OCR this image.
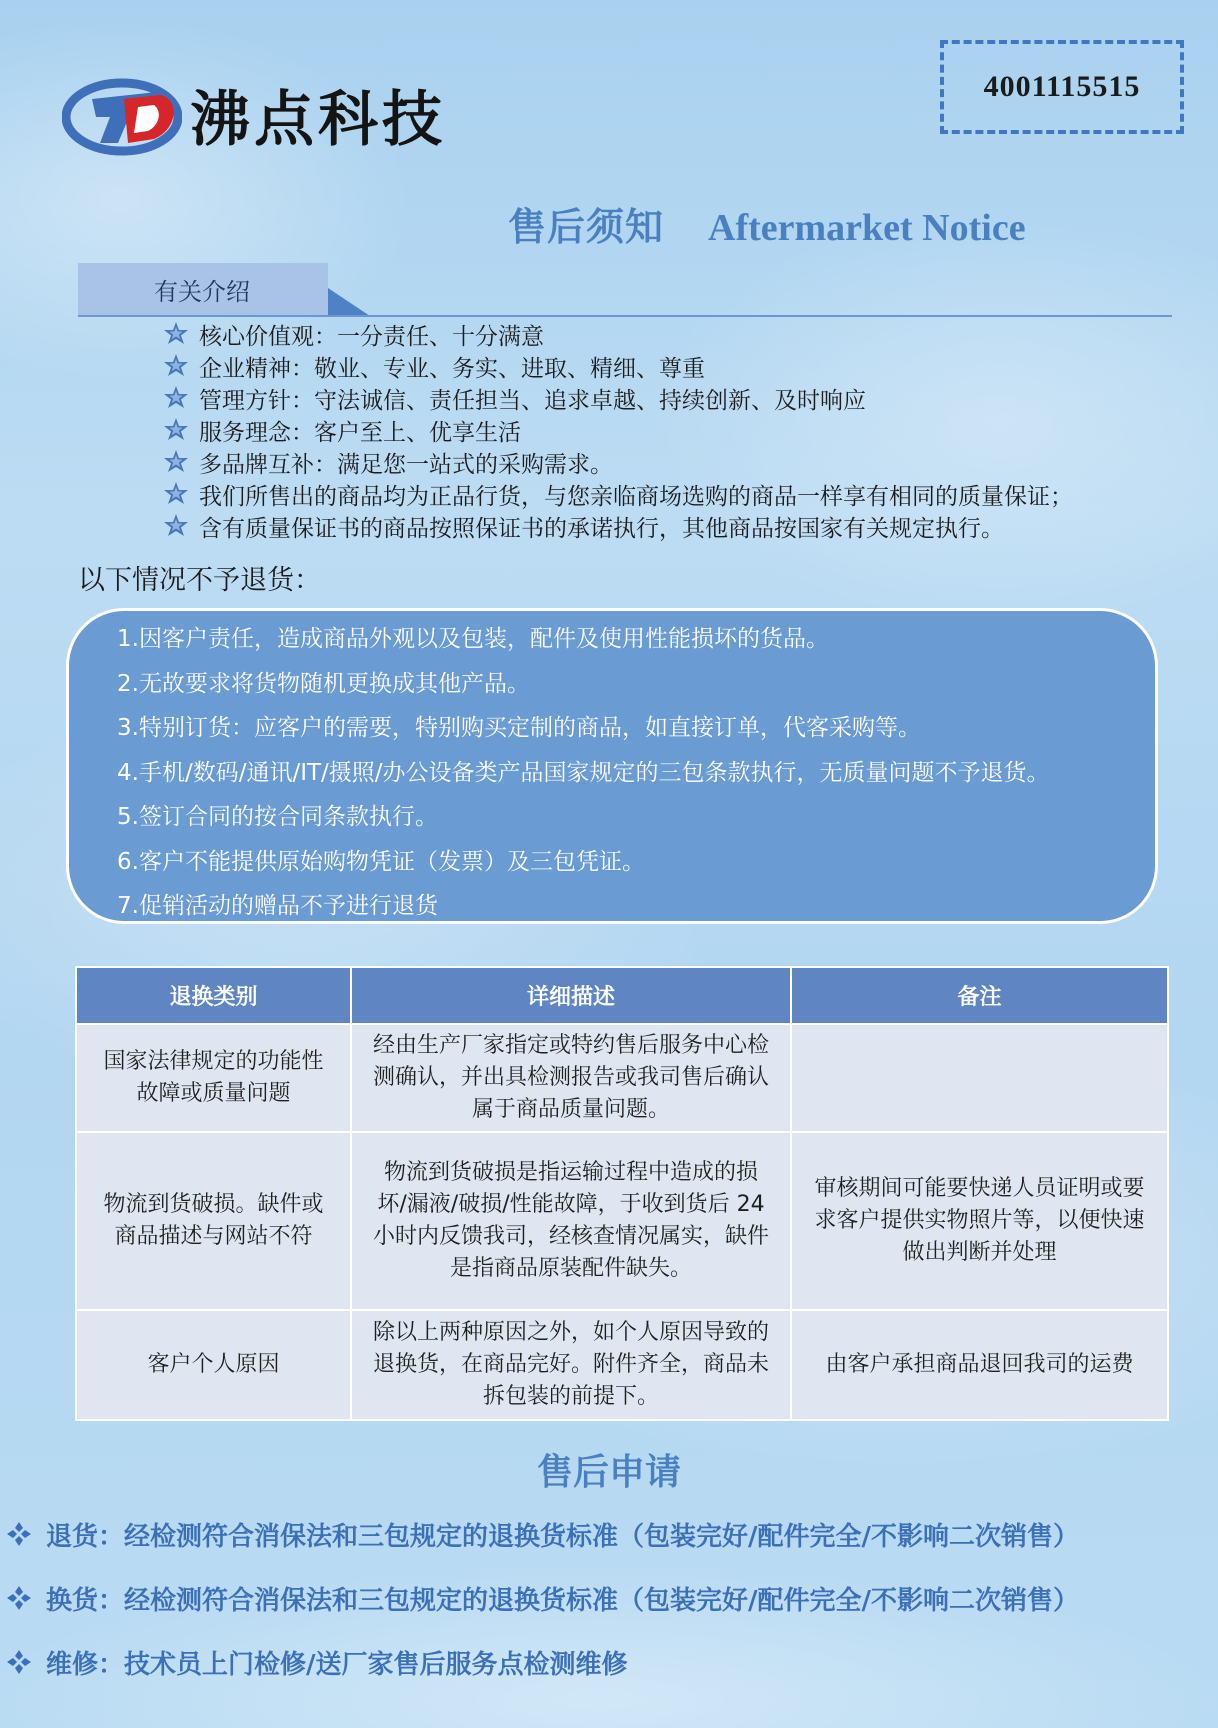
沸点科技	4001115515
售后须知 Aftermarket Notice
有关介绍
核心价值观：一分责任、十分满意
企业精神：敬业、专业、务实、进取、精细、尊重
管理方针：守法诚信、责任担当、追求卓越、持续创新、及时响应
服务理念：客户至上、优享生活
多品牌互补：满足您一站式的采购需求。
我们所售出的商品均为正品行货，与您亲临商场选购的商品一样享有相同的质量保证；
含有质量保证书的商品按照保证书的承诺执行，其他商品按国家有关规定执行。
以下情况不予退货：
1.因客户责任，造成商品外观以及包装，配件及使用性能损坏的货品。
2.无故要求将货物随机更换成其他产品。
3.特别订货：应客户的需要，特别购买定制的商品，如直接订单，代客采购等。
4.手机/数码/通讯/IT/摄照/办公设备类产品国家规定的三包条款执行，无质量问题不予退货。
5.签订合同的按合同条款执行。
6.客户不能提供原始购物凭证（发票）及三包凭证。
7.促销活动的赠品不予进行退货
退换类别	详细描述	备注
国家法律规定的功能性故障或质量问题	经由生产厂家指定或特约售后服务中心检测确认，并出具检测报告或我司售后确认属于商品质量问题。	
物流到货破损。缺件或商品描述与网站不符	物流到货破损是指运输过程中造成的损坏/漏液/破损/性能故障，于收到货后 24小时内反馈我司，经核查情况属实，缺件是指商品原装配件缺失。	审核期间可能要快递人员证明或要求客户提供实物照片等，以便快速做出判断并处理
客户个人原因	除以上两种原因之外，如个人原因导致的退换货，在商品完好。附件齐全，商品未拆包装的前提下。	由客户承担商品退回我司的运费
售后申请
退货：经检测符合消保法和三包规定的退换货标准（包装完好/配件完全/不影响二次销售）
换货：经检测符合消保法和三包规定的退换货标准（包装完好/配件完全/不影响二次销售）
维修：技术员上门检修/送厂家售后服务点检测维修
